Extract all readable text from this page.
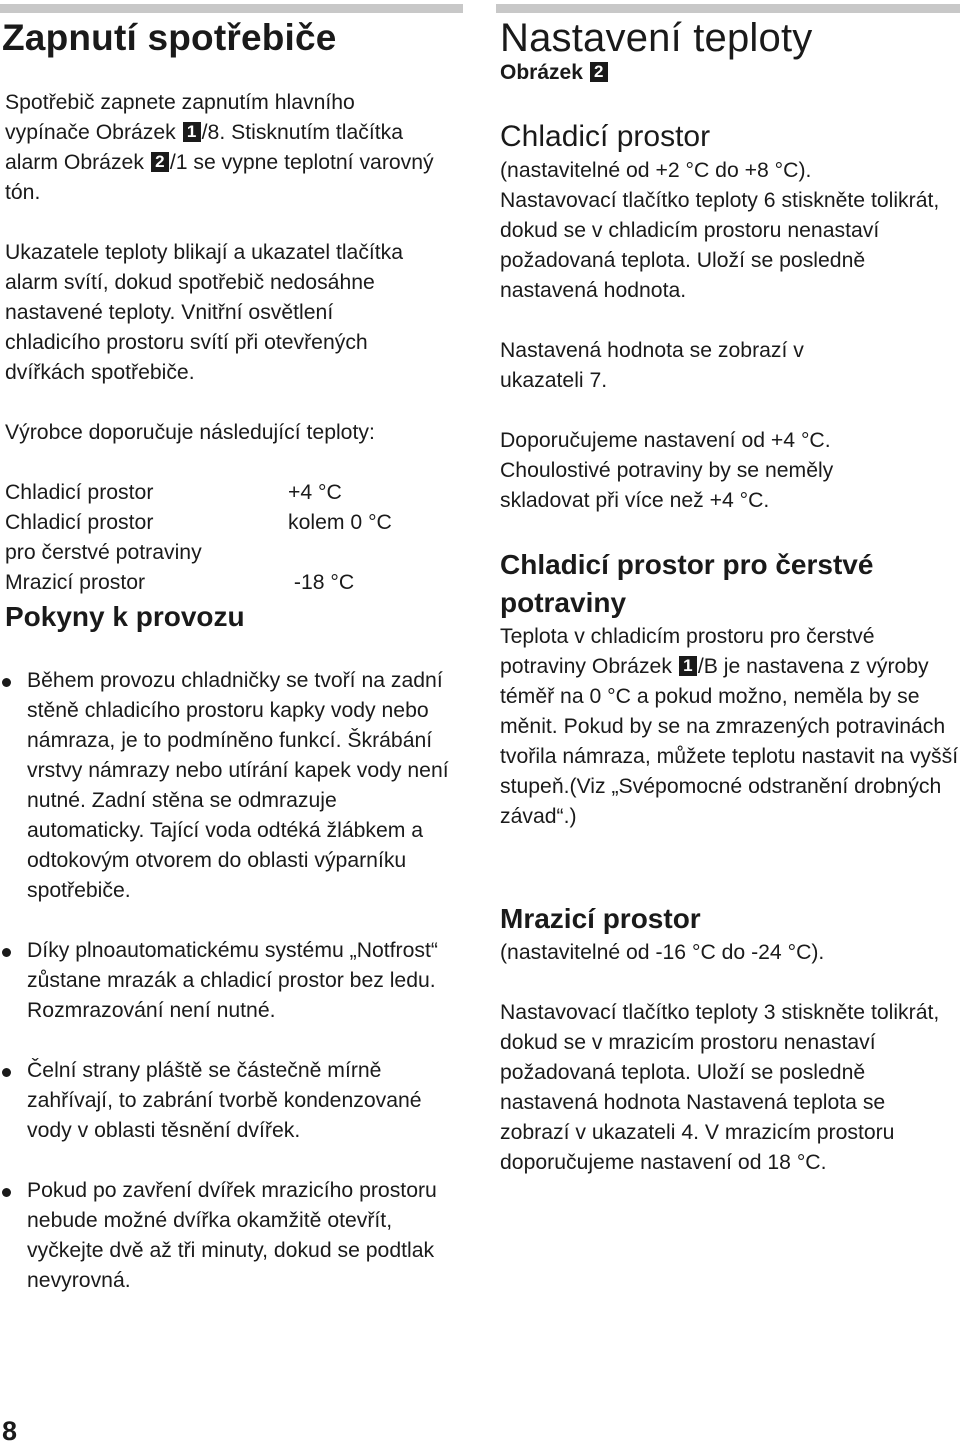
Zapnutí spotřebiče

Spotřebič zapnete zapnutím hlavního vypínače Obrázek 1 /8. Stisknutím tlačítka alarm Obrázek 2 /1 se vypne teplotní varovný tón.

Ukazatele teploty blikají a ukazatel tlačítka alarm svítí, dokud spotřebič nedosáhne nastavené teploty. Vnitřní osvětlení chladicího prostoru svítí při otevřených dvířkách spotřebiče.

Výrobce doporučuje následující teploty:

Chladicí prostor	+4 °C
Chladicí prostor	kolem 0 °C
pro čerstvé potraviny	
Mrazicí prostor	-18 °C
Pokyny k provozu
Během provozu chladničky se tvoří na zadní stěně chladicího prostoru kapky vody nebo námraza, je to podmíněno funkcí. Škrábání vrstvy námrazy nebo utírání kapek vody není nutné. Zadní stěna se odmrazuje automaticky. Tající voda odtéká žlábkem a odtokovým otvorem do oblasti výparníku spotřebiče.
Díky plnoautomatickému systému „Notfrost“ zůstane mrazák a chladicí prostor bez ledu. Rozmrazování není nutné.
Čelní strany pláště se částečně mírně zahřívají, to zabrání tvorbě kondenzované vody v oblasti těsnění dvířek.
Pokud po zavření dvířek mrazicího prostoru nebude možné dvířka okamžitě otevřít, vyčkejte dvě až tři minuty, dokud se podtlak nevyrovná.
8
Nastavení teploty
Obrázek 2
Chladicí prostor

(nastavitelné od +2 °C do +8 °C).

Nastavovací tlačítko teploty 6 stiskněte tolikrát, dokud se v chladicím prostoru nenastaví požadovaná teplota. Uloží se posledně nastavená hodnota.

Nastavená hodnota se zobrazí v ukazateli 7.

Doporučujeme nastavení od +4 °C. Choulostivé potraviny by se neměly skladovat při více než +4 °C.

Chladicí prostor pro čerstvé potraviny

Teplota v chladicím prostoru pro čerstvé potraviny Obrázek 1 /B je nastavena z výroby téměř na 0 °C a pokud možno, neměla by se měnit. Pokud by se na zmrazených potravinách tvořila námraza, můžete teplotu nastavit na vyšší stupeň.(Viz „Svépomocné odstranění drobných závad“.)

Mrazicí prostor

(nastavitelné od -16 °C do -24 °C).

Nastavovací tlačítko teploty 3 stiskněte tolikrát, dokud se v mrazicím prostoru nenastaví požadovaná teplota. Uloží se posledně nastavená hodnota Nastavená teplota se zobrazí v ukazateli 4. V mrazicím prostoru doporučujeme nastavení od 18 °C.
